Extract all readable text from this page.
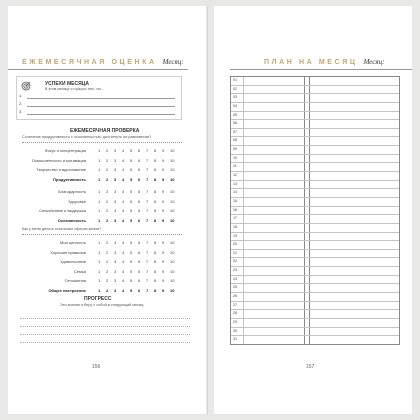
ЕЖЕМЕСЯЧНАЯ ОЦЕНКА Месяц:
УСПЕХИ МЕСЯЦА
В этом месяце я горжусь тем, что...
1.
2.
3.
ЕЖЕМЕСЯЧНАЯ ПРОВЕРКА
Сочетание продуктивности с осознанностью: достигнуть ли равновесия?
Фокус и концентрация	1	2	3	4	5	6	7	8	9	10
Осмысленность и мотивация	1	2	3	4	5	6	7	8	9	10
Творчество и вдохновение	1	2	3	4	5	6	7	8	9	10
Продуктивность	1	2	3	4	5	6	7	8	9	10
Благодарность	1	2	3	4	5	6	7	8	9	10
Здоровье	1	2	3	4	5	6	7	8	9	10
Спокойствие и выдержка	1	2	3	4	5	6	7	8	9	10
Осознанность	1	2	3	4	5	6	7	8	9	10
Как у меня дела в остальных сферах жизни?
Мои ценность	1	2	3	4	5	6	7	8	9	10
Хорошие привычки	1	2	3	4	5	6	7	8	9	10
Удовольствие	1	2	3	4	5	6	7	8	9	10
Семья	1	2	3	4	5	6	7	8	9	10
Отношения	1	2	3	4	5	6	7	8	9	10
Общее настроение	1	2	3	4	5	6	7	8	9	10
ПРОГРЕСС
Эти знания я беру с собой в следующий месяц:
156
ПЛАН НА МЕСЯЦ Месяц:
01
02
03
04
05
06
07
08
09
10
11
12
13
14
15
16
17
18
19
20
21
22
23
24
25
26
27
28
29
30
31
157
